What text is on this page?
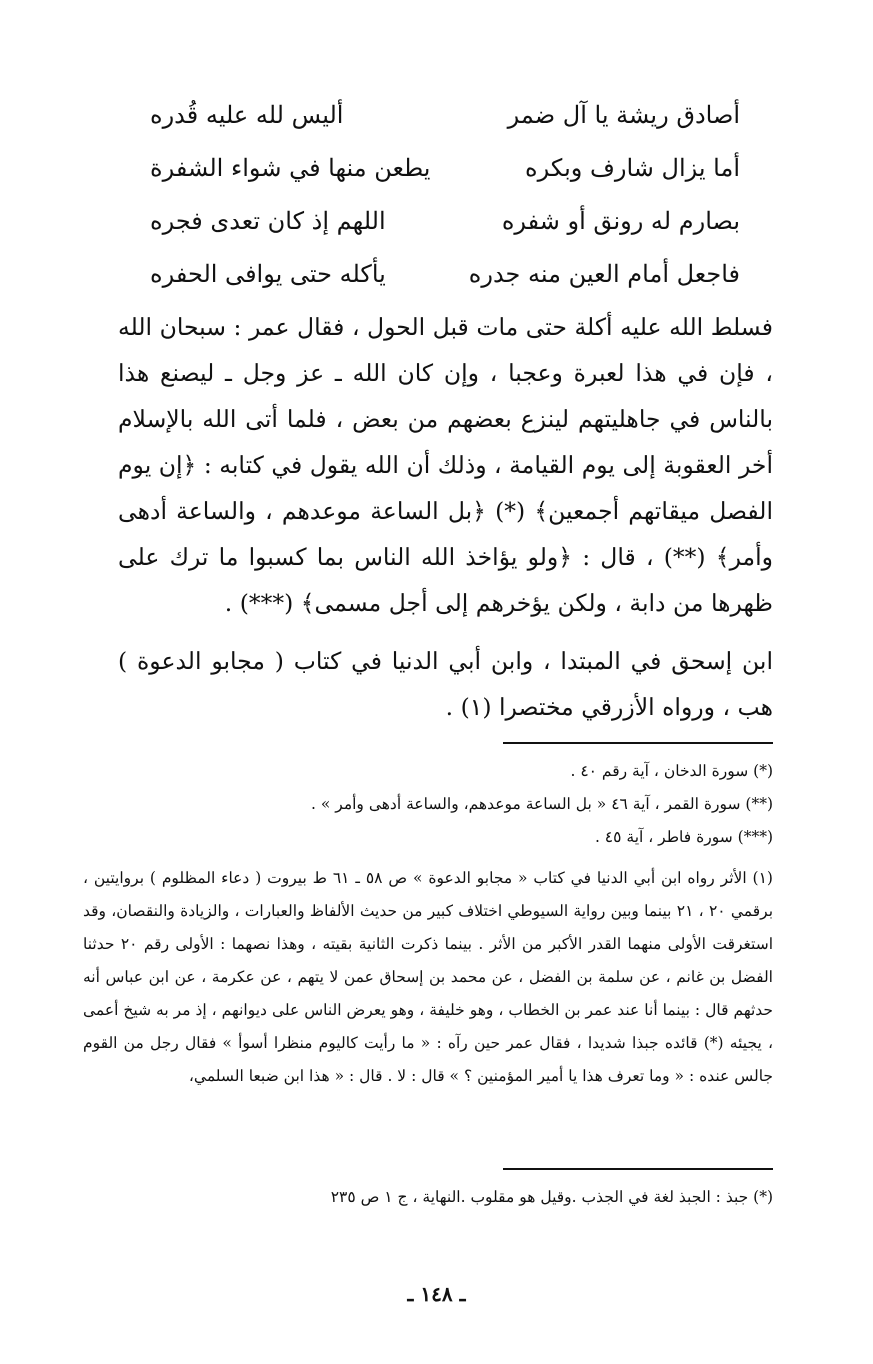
أصادق ريشة يا آل ضمر
أليس لله عليه قُدره
أما يزال شارف وبكره
يطعن منها في شواء الشفرة
بصارم له رونق أو شفره
اللهم إذ كان تعدى فجره
فاجعل أمام العين منه جدره
يأكله حتى يوافى الحفره

فسلط الله عليه أكلة حتى مات قبل الحول ، فقال عمر : سبحان الله ، فإن في هذا لعبرة وعجبا ، وإن كان الله ـ عز وجل ـ ليصنع هذا بالناس في جاهليتهم لينزع بعضهم من بعض ، فلما أتى الله بالإسلام أخر العقوبة إلى يوم القيامة ، وذلك أن الله يقول في كتابه : ﴿إن يوم الفصل ميقاتهم أجمعين﴾ (*) ﴿بل الساعة موعدهم ، والساعة أدهى وأمر﴾ (**) ، قال : ﴿ولو يؤاخذ الله الناس بما كسبوا ما ترك على ظهرها من دابة ، ولكن يؤخرهم إلى أجل مسمى﴾ (***) .

ابن إسحق في المبتدا ، وابن أبي الدنيا في كتاب ( مجابو الدعوة ) هب ، ورواه الأزرقي مختصرا (١) .

(*) سورة الدخان ، آية رقم ٤٠ .

(**) سورة القمر ، آية ٤٦ « بل الساعة موعدهم، والساعة أدهى وأمر » .

(***) سورة فاطر ، آية ٤٥ .

(١) الأثر رواه ابن أبي الدنيا في كتاب « مجابو الدعوة » ص ٥٨ ـ ٦١ ط بيروت ( دعاء المظلوم ) بروايتين ، برقمي ٢٠ ، ٢١ بينما وبين رواية السيوطي اختلاف كبير من حديث الألفاظ والعبارات ، والزيادة والنقصان، وقد استغرقت الأولى منهما القدر الأكبر من الأثر . بينما ذكرت الثانية بقيته ، وهذا نصهما : الأولى رقم ٢٠ حدثنا الفضل بن غانم ، عن سلمة بن الفضل ، عن محمد بن إسحاق عمن لا يتهم ، عن عكرمة ، عن ابن عباس أنه حدثهم قال : بينما أنا عند عمر بن الخطاب ، وهو خليفة ، وهو يعرض الناس على ديوانهم ، إذ مر به شيخ أعمى ، يجيئه (*) قائده جبذا شديدا ، فقال عمر حين رآه : « ما رأيت كاليوم منظرا أسوأ » فقال رجل من القوم جالس عنده : « وما تعرف هذا يا أمير المؤمنين ؟ » قال : لا . قال : « هذا ابن ضبعا السلمي،

(*) جبذ : الجبذ لغة في الجذب .وقيل هو مقلوب .النهاية ، ج ١ ص ٢٣٥
ـ ١٤٨ ـ
